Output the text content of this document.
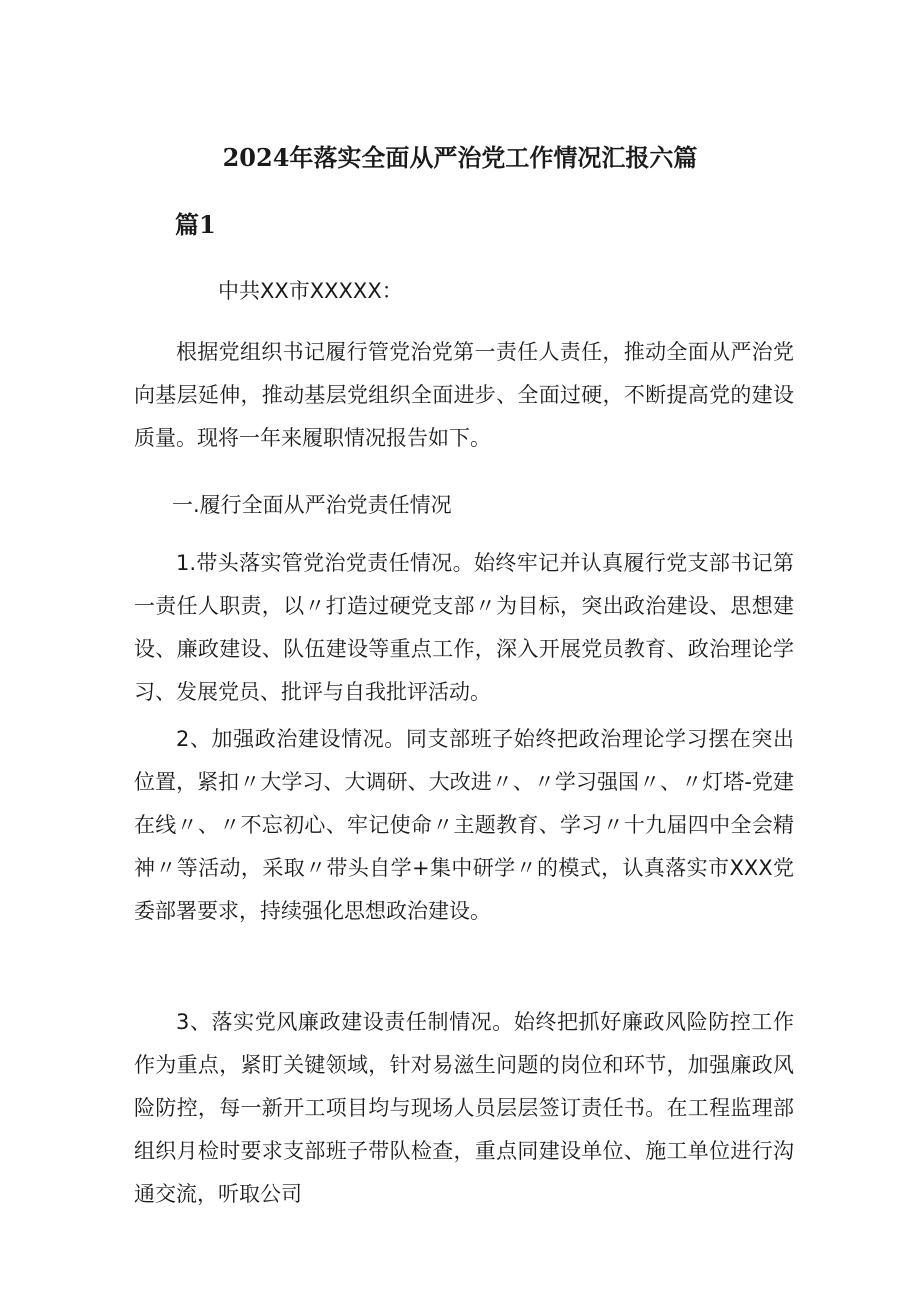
2024年落实全面从严治党工作情况汇报六篇
篇1

中共XX市XXXXX：

根据党组织书记履行管党治党第一责任人责任，推动全面从严治党向基层延伸，推动基层党组织全面进步、全面过硬，不断提高党的建设质量。现将一年来履职情况报告如下。

一.履行全面从严治党责任情况

1.带头落实管党治党责任情况。始终牢记并认真履行党支部书记第一责任人职责，以〃打造过硬党支部〃为目标，突出政治建设、思想建设、廉政建设、队伍建设等重点工作，深入开展党员教育、政治理论学习、发展党员、批评与自我批评活动。

2、加强政治建设情况。同支部班子始终把政治理论学习摆在突出位置，紧扣〃大学习、大调研、大改进〃、〃学习强国〃、〃灯塔-党建在线〃、〃不忘初心、牢记使命〃主题教育、学习〃十九届四中全会精神〃等活动，采取〃带头自学+集中研学〃的模式，认真落实市XXX党委部署要求，持续强化思想政治建设。

3、落实党风廉政建设责任制情况。始终把抓好廉政风险防控工作作为重点，紧盯关键领域，针对易滋生问题的岗位和环节，加强廉政风险防控，每一新开工项目均与现场人员层层签订责任书。在工程监理部组织月检时要求支部班子带队检查，重点同建设单位、施工单位进行沟通交流，听取公司
